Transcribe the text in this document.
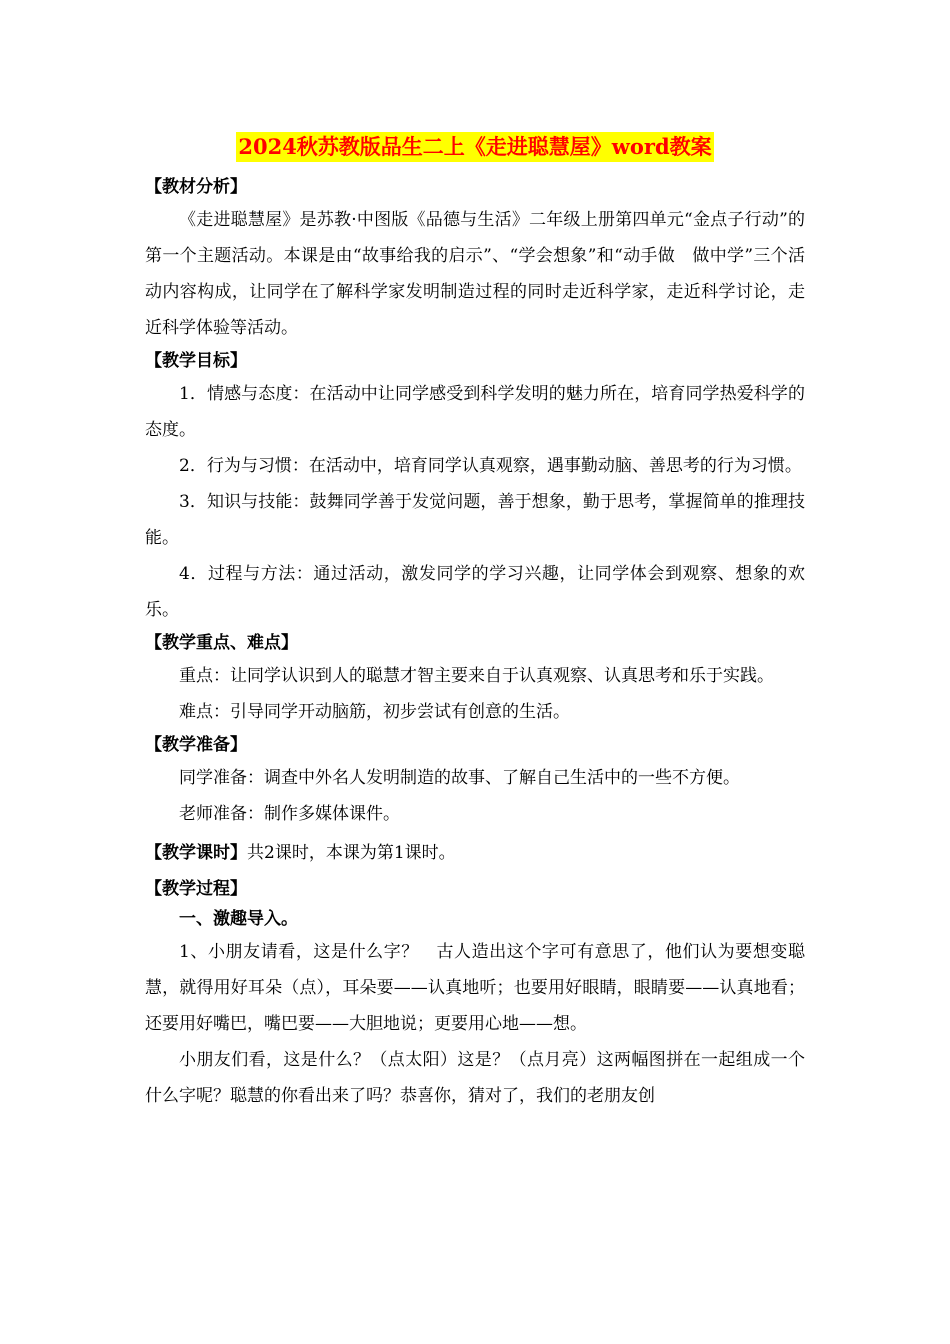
2024秋苏教版品生二上《走进聪慧屋》word教案

【教材分析】

《走进聪慧屋》是苏教·中图版《品德与生活》二年级上册第四单元“金点子行动”的第一个主题活动。本课是由“故事给我的启示”、“学会想象”和“动手做　做中学”三个活动内容构成，让同学在了解科学家发明制造过程的同时走近科学家，走近科学讨论，走近科学体验等活动。

【教学目标】

1．情感与态度：在活动中让同学感受到科学发明的魅力所在，培育同学热爱科学的态度。

2．行为与习惯：在活动中，培育同学认真观察，遇事勤动脑、善思考的行为习惯。

3．知识与技能：鼓舞同学善于发觉问题，善于想象，勤于思考，掌握简单的推理技能。

4．过程与方法：通过活动，激发同学的学习兴趣，让同学体会到观察、想象的欢乐。

【教学重点、难点】

重点：让同学认识到人的聪慧才智主要来自于认真观察、认真思考和乐于实践。

难点：引导同学开动脑筋，初步尝试有创意的生活。

【教学准备】

同学准备：调查中外名人发明制造的故事、了解自己生活中的一些不方便。

老师准备：制作多媒体课件。

【教学课时】共2课时，本课为第1课时。

【教学过程】

一、激趣导入。

1、小朋友请看，这是什么字？　古人造出这个字可有意思了，他们认为要想变聪慧，就得用好耳朵（点），耳朵要——认真地听；也要用好眼睛，眼睛要——认真地看；还要用好嘴巴，嘴巴要——大胆地说；更要用心地——想。

小朋友们看，这是什么？（点太阳）这是？（点月亮）这两幅图拼在一起组成一个什么字呢？聪慧的你看出来了吗？恭喜你，猜对了，我们的老朋友创
